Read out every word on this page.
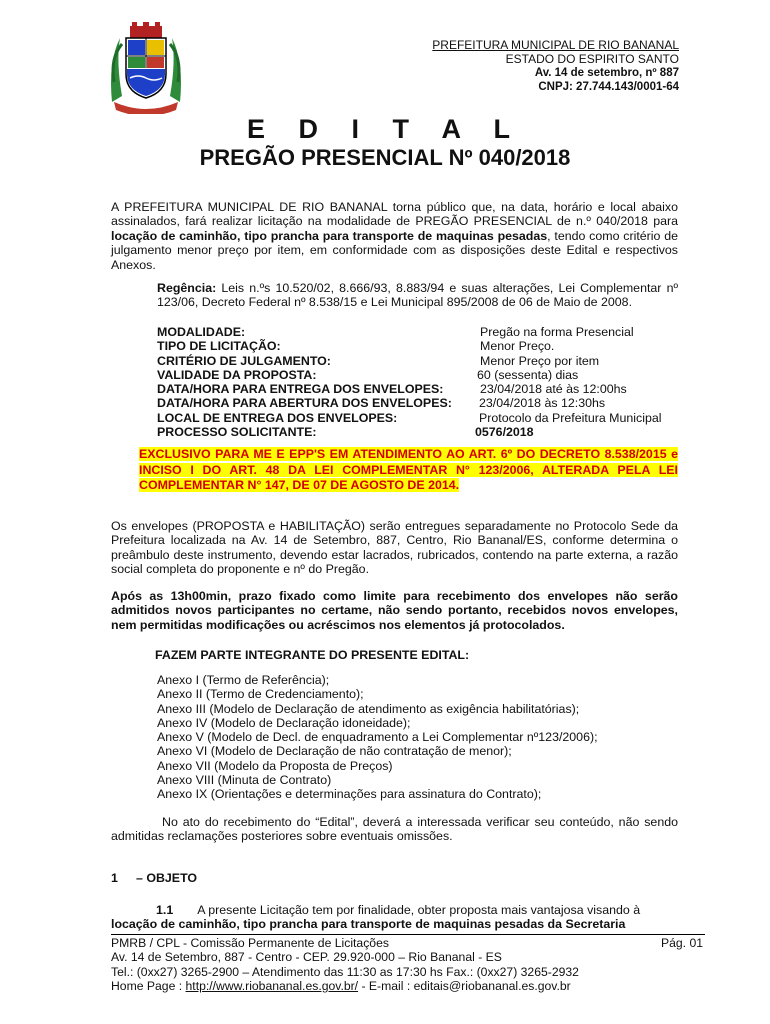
PREFEITURA MUNICIPAL DE RIO BANANAL
ESTADO DO ESPIRITO SANTO
Av. 14 de setembro, nº 887
CNPJ: 27.744.143/0001-64
E D I T A L
PREGÃO PRESENCIAL Nº 040/2018
A PREFEITURA MUNICIPAL DE RIO BANANAL torna público que, na data, horário e local abaixo assinalados, fará realizar licitação na modalidade de PREGÃO PRESENCIAL de n.º 040/2018 para locação de caminhão, tipo prancha para transporte de maquinas pesadas, tendo como critério de julgamento menor preço por item, em conformidade com as disposições deste Edital e respectivos Anexos.
Regência: Leis n.ºs 10.520/02, 8.666/93, 8.883/94 e suas alterações, Lei Complementar nº 123/06, Decreto Federal nº 8.538/15 e Lei Municipal 895/2008 de 06 de Maio de 2008.
MODALIDADE:	Pregão na forma Presencial
TIPO DE LICITAÇÃO:	Menor Preço.
CRITÉRIO DE JULGAMENTO:	Menor Preço por item
VALIDADE DA PROPOSTA:	60 (sessenta) dias
DATA/HORA PARA ENTREGA DOS ENVELOPES:	23/04/2018 até às 12:00hs
DATA/HORA PARA ABERTURA DOS ENVELOPES: 23/04/2018 às 12:30hs
LOCAL DE ENTREGA DOS ENVELOPES:	Protocolo da Prefeitura Municipal
PROCESSO SOLICITANTE:	0576/2018
EXCLUSIVO PARA ME E EPP'S EM ATENDIMENTO AO ART. 6º DO DECRETO 8.538/2015 e INCISO I DO ART. 48 DA LEI COMPLEMENTAR N° 123/2006, ALTERADA PELA LEI COMPLEMENTAR N° 147, DE 07 DE AGOSTO DE 2014.
Os envelopes (PROPOSTA e HABILITAÇÃO) serão entregues separadamente no Protocolo Sede da Prefeitura localizada na Av. 14 de Setembro, 887, Centro, Rio Bananal/ES, conforme determina o preâmbulo deste instrumento, devendo estar lacrados, rubricados, contendo na parte externa, a razão social completa do proponente e nº do Pregão.
Após as 13h00min, prazo fixado como limite para recebimento dos envelopes não serão admitidos novos participantes no certame, não sendo portanto, recebidos novos envelopes, nem permitidas modificações ou acréscimos nos elementos já protocolados.
FAZEM PARTE INTEGRANTE DO PRESENTE EDITAL:
Anexo I (Termo de Referência);
Anexo II (Termo de Credenciamento);
Anexo III (Modelo de Declaração de atendimento as exigência habilitatórias);
Anexo IV (Modelo de Declaração idoneidade);
Anexo V (Modelo de Decl. de enquadramento a Lei Complementar nº123/2006);
Anexo VI (Modelo de Declaração de não contratação de menor);
Anexo VII (Modelo da Proposta de Preços)
Anexo VIII (Minuta de Contrato)
Anexo IX (Orientações e determinações para assinatura do Contrato);
No ato do recebimento do “Edital”, deverá a interessada verificar seu conteúdo, não sendo admitidas reclamações posteriores sobre eventuais omissões.
1 – OBJETO
1.1 A presente Licitação tem por finalidade, obter proposta mais vantajosa visando à
locação de caminhão, tipo prancha para transporte de maquinas pesadas da Secretaria
PMRB / CPL - Comissão Permanente de Licitações	Pág. 01
Av. 14 de Setembro, 887 - Centro - CEP. 29.920-000 – Rio Bananal - ES
Tel.: (0xx27) 3265-2900 – Atendimento das 11:30 as 17:30 hs Fax.: (0xx27) 3265-2932
Home Page : http://www.riobananal.es.gov.br/ - E-mail : editais@riobananal.es.gov.br
